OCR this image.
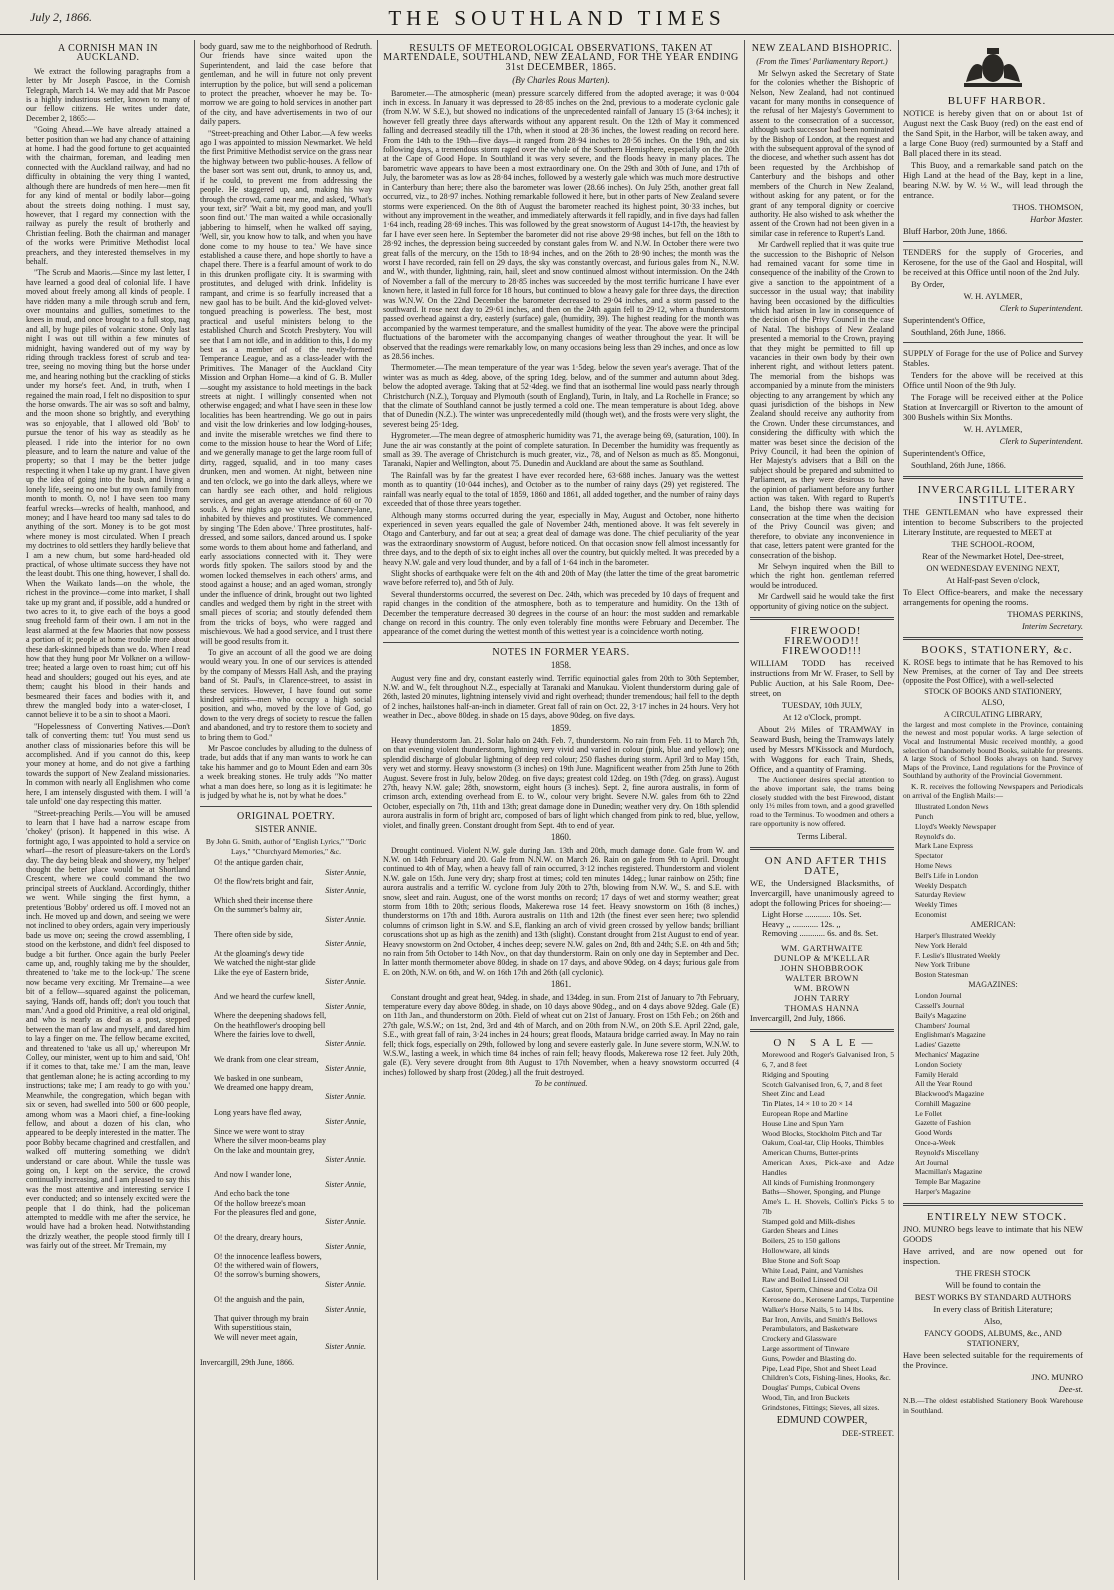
July 2, 1866.	THE SOUTHLAND TIMES
A CORNISH MAN IN AUCKLAND.

We extract the following paragraphs from a letter by Mr Joseph Pascoe, in the Cornish Telegraph, March 14. We may add that Mr Pascoe is a highly industrious settler, known to many of our fellow citizens. He writes under date, December 2, 1865:—

"Going Ahead.—We have already attained a better position than we had any chance of attaining at home. I had the good fortune to get acquainted with the chairman, foreman, and leading men connected with the Auckland railway, and had no difficulty in obtaining the very thing I wanted, although there are hundreds of men here—men fit for any kind of mental or bodily labor—going about the streets doing nothing. I must say, however, that I regard my connection with the railway as purely the result of brotherly and Christian feeling. Both the chairman and manager of the works were Primitive Methodist local preachers, and they interested themselves in my behalf.

"The Scrub and Maoris.—Since my last letter, I have learned a good deal of colonial life. I have moved about freely among all kinds of people. I have ridden many a mile through scrub and fern, over mountains and gullies, sometimes to the knees in mud, and once brought to a full stop, nag and all, by huge piles of volcanic stone. Only last night I was out till within a few minutes of midnight, having wandered out of my way by riding through trackless forest of scrub and tea-tree, seeing no moving thing but the horse under me, and hearing nothing but the crackling of sticks under my horse's feet. And, in truth, when I regained the main road, I felt no disposition to spur the horse onwards. The air was so soft and balmy, and the moon shone so brightly, and everything was so enjoyable, that I allowed old 'Bob' to pursue the tenor of his way as steadily as he pleased. I ride into the interior for no own pleasure, and to learn the nature and value of the property; so that I may be the better judge respecting it when I take up my grant. I have given up the idea of going into the bush, and living a lonely life, seeing no one but my own family from month to month. O, no! I have seen too many fearful wrecks—wrecks of health, manhood, and money; and I have heard too many sad tales to do anything of the sort. Money is to be got most where money is most circulated. When I preach my doctrines to old settlers they hardly believe that I am a new chum, but some hard-headed old practical, of whose ultimate success they have not the least doubt. This one thing, however, I shall do. When the Waikato lands—on the whole, the richest in the province—come into market, I shall take up my grant and, if possible, add a hundred or two acres to it, to give each of the boys a good snug freehold farm of their own. I am not in the least alarmed at the few Maories that now possess a portion of it; people at home trouble more about these dark-skinned bipeds than we do. When I read how that they hung poor Mr Volkner on a willow-tree; heated a large oven to roast him; cut off his head and shoulders; gouged out his eyes, and ate them; caught his blood in their hands and besmeared their faces and bodies with it, and threw the mangled body into a water-closet, I cannot believe it to be a sin to shoot a Maori.

"Hopelessness of Converting Natives.—Don't talk of converting them: tut! You must send us another class of missionaries before this will be accomplished. And if you cannot do this, keep your money at home, and do not give a farthing towards the support of New Zealand missionaries. In common with nearly all Englishmen who come here, I am intensely disgusted with them. I will 'a tale unfold' one day respecting this matter.

"Street-preaching Perils.—You will be amused to learn that I have had a narrow escape from 'chokey' (prison). It happened in this wise. A fortnight ago, I was appointed to hold a service on wharf—the resort of pleasure-takers on the Lord's day. The day being bleak and showery, my 'helper' thought the better place would be at Shortland Crescent, where we could command the two principal streets of Auckland. Accordingly, thither we went. While singing the first hymn, a pretentious 'Bobby' ordered us off. I moved not an inch. He moved up and down, and seeing we were not inclined to obey orders, again very imperiously bade us move on; seeing the crowd assembling, I stood on the kerbstone, and didn't feel disposed to budge a bit further. Once again the burly Peeler came up, and, roughly taking me by the shoulder, threatened to 'take me to the lock-up.' The scene now became very exciting. Mr Tremaine—a wee bit of a fellow—squared against the policeman, saying, 'Hands off, hands off; don't you touch that man.' And a good old Primitive, a real old original, and who is nearly as deaf as a post, stepped between the man of law and myself, and dared him to lay a finger on me. The fellow became excited, and threatened to 'take us all up,' whereupon Mr Colley, our minister, went up to him and said, 'Oh! if it comes to that, take me.' I am the man, leave that gentleman alone; he is acting according to my instructions; take me; I am ready to go with you.' Meanwhile, the congregation, which began with six or seven, had swelled into 500 or 600 people, among whom was a Maori chief, a fine-looking fellow, and about a dozen of his clan, who appeared to be deeply interested in the matter. The poor Bobby became chagrined and crestfallen, and walked off muttering something we didn't understand or care about. While the tussle was going on, I kept on the service, the crowd continually increasing, and I am pleased to say this was the most attentive and interesting service I ever conducted; and so intensely excited were the people that I do think, had the policeman attempted to meddle with me after the service, he would have had a broken head. Notwithstanding the drizzly weather, the people stood firmly till I was fairly out of the street. Mr Tremain, my

body guard, saw me to the neighborhood of Redruth. Our friends have since waited upon the Superintendent, and laid the case before that gentleman, and he will in future not only prevent interruption by the police, but will send a policeman to protect the preacher, whoever he may be. To-morrow we are going to hold services in another part of the city, and have advertisements in two of our daily papers.

"Street-preaching and Other Labor.—A few weeks ago I was appointed to mission Newmarket. We held the first Primitive Methodist service on the grass near the highway between two public-houses. A fellow of the baser sort was sent out, drunk, to annoy us, and, if he could, to prevent me from addressing the people. He staggered up, and, making his way through the crowd, came near me, and asked, 'What's your text, sir?' 'Wait a bit, my good man, and you'll soon find out.' The man waited a while occasionally jabbering to himself, when he walked off saying, 'Well, sir, you know how to talk, and when you have done come to my house to tea.' We have since established a cause there, and hope shortly to have a chapel there. There is a fearful amount of work to do in this drunken profligate city. It is swarming with prostitutes, and deluged with drink. Infidelity is rampant, and crime is so fearfully increased that a new gaol has to be built. And the kid-gloved velvet-tongued preaching is powerless. The best, most practical and useful ministers belong to the established Church and Scotch Presbytery. You will see that I am not idle, and in addition to this, I do my best as a member of of the newly-formed Temperance League, and as a class-leader with the Primitives. The Manager of the Auckland City Mission and Orphan Home—a kind of G. B. Muller—sought my assistance to hold meetings in the back streets at night. I willingly consented when not otherwise engaged; and what I have seen in these low localities has been heartrending. We go out in pairs and visit the low drinkeries and low lodging-houses, and invite the miserable wretches we find there to come to the mission house to hear the Word of Life; and we generally manage to get the large room full of dirty, ragged, squalid, and in too many cases drunken, men and women. At night, between nine and ten o'clock, we go into the dark alleys, where we can hardly see each other, and hold religious services, and get an average attendance of 60 or 70 souls. A few nights ago we visited Chancery-lane, inhabited by thieves and prostitutes. We commenced by singing 'The Eden above.' Three prostitutes, half-dressed, and some sailors, danced around us. I spoke some words to them about home and fatherland, and early associations connected with it. They were words fitly spoken. The sailors stood by and the women locked themselves in each others' arms, and stood against a house; and an aged woman, strongly under the influence of drink, brought out two lighted candles and wedged them by right in the street with small pieces of scoria; and stoutly defended them from the tricks of boys, who were ragged and mischievous. We had a good service, and I trust there will be good results from it.

To give an account of all the good we are doing would weary you. In one of our services is attended by the company of Messrs Hall Ash, and the praying band of St. Paul's, in Clarence-street, to assist in these services. However, I have found out some kindred spirits—men who occupy a high social position, and who, moved by the love of God, go down to the very dregs of society to rescue the fallen and abandoned, and try to restore them to society and to bring them to God."

Mr Pascoe concludes by alluding to the dulness of trade, but adds that if any man wants to work he can take his hammer and go to Mount Eden and earn 30s a week breaking stones. He truly adds "No matter what a man does here, so long as it is legitimate: he is judged by what he is, not by what he does."

ORIGINAL POETRY.
SISTER ANNIE.

By John G. Smith, author of "English Lyrics," "Doric Lays," "Churchyard Memories," &c.

O! the antique garden chair,
Sister Annie,
O! the flow'rets bright and fair,
Sister Annie,
Which shed their incense there
On the summer's balmy air,
Sister Annie.
There often side by side,
Sister Annie,
At the gloaming's dewy tide
We watched the night-star glide
Like the eye of Eastern bride,
Sister Annie.
And we heard the curfew knell,
Sister Annie,
Where the deepening shadows fell,
On the heathflower's drooping bell
Where the fairies love to dwell,
Sister Annie.
We drank from one clear stream,
Sister Annie,
We basked in one sunbeam,
We dreamed one happy dream,
Sister Annie.
Long years have fled away,
Sister Annie,
Since we were wont to stray
Where the silver moon-beams play
On the lake and mountain grey,
Sister Annie.
And now I wander lone,
Sister Annie,
And echo back the tone
Of the hollow breeze's moan
For the pleasures fled and gone,
Sister Annie.
O! the dreary, dreary hours,
Sister Annie,
O! the innocence leafless bowers,
O! the withered wain of flowers,
O! the sorrow's burning showers,
Sister Annie.
O! the anguish and the pain,
Sister Annie,
That quiver through my brain
With superstitious stain,
We will never meet again,
Sister Annie.

Invercargill, 29th June, 1866.

RESULTS OF METEOROLOGICAL OBSERVATIONS, TAKEN AT MARTENDALE, SOUTHLAND, NEW ZEALAND, FOR THE YEAR ENDING 31st DECEMBER, 1865.
(By Charles Rous Marten).

Barometer.—The atmospheric (mean) pressure scarcely differed from the adopted average; it was 0·004 inch in excess. In January it was depressed to 28·85 inches on the 2nd, previous to a moderate cyclonic gale (from N.W. W S.E.), but showed no indications of the unprecedented rainfall of January 15 (3·64 inches); it however fell greatly three days afterwards without any apparent result. On the 12th of May it commenced falling and decreased steadily till the 17th, when it stood at 28·36 inches, the lowest reading on record here. From the 14th to the 19th—five days—it ranged from 28·94 inches to 28·56 inches. On the 19th, and six following days, a tremendous storm raged over the whole of the Southern Hemisphere, especially on the 20th at the Cape of Good Hope. In Southland it was very severe, and the floods heavy in many places. The barometric wave appears to have been a most extraordinary one. On the 29th and 30th of June, and 17th of July, the barometer was as low as 28·84 inches, followed by a westerly gale which was much more destructive in Canterbury than here; there also the barometer was lower (28.66 inches). On July 25th, another great fall occurred, viz., to 28·97 inches. Nothing remarkable followed it here, but in other parts of New Zealand severe storms were experienced. On the 8th of August the barometer reached its highest point, 30·33 inches, but without any improvement in the weather, and immediately afterwards it fell rapidly, and in five days had fallen 1·64 inch, reading 28·69 inches. This was followed by the great snowstorm of August 14-17th, the heaviest by far I have ever seen here. In September the barometer did not rise above 29·98 inches, but fell on the 18th to 28·92 inches, the depression being succeeded by constant gales from W. and N.W. In October there were two great falls of the mercury, on the 15th to 18·94 inches, and on the 26th to 28·90 inches; the month was the worst I have recorded, rain fell on 29 days, the sky was constantly overcast, and furious gales from N., N.W. and W., with thunder, lightning, rain, hail, sleet and snow continued almost without intermission. On the 24th of November a fall of the mercury to 28·85 inches was succeeded by the most terrific hurricane I have ever known here, it lasted in full force for 18 hours, but continued to blow a heavy gale for three days, the direction was W.N.W. On the 22nd December the barometer decreased to 29·04 inches, and a storm passed to the southward. It rose next day to 29·61 inches, and then on the 24th again fell to 29·12, when a thunderstorm passed overhead against a dry, easterly (surface) gale, (humidity, 39). The highest reading for the month was accompanied by the warmest temperature, and the smallest humidity of the year. The above were the principal fluctuations of the barometer with the accompanying changes of weather throughout the year. It will be observed that the readings were remarkably low, on many occasions being less than 29 inches, and once as low as 28.56 inches.

Thermometer.—The mean temperature of the year was 1·5deg. below the seven year's average. That of the winter was as much as 4deg. above, of the spring 1deg. below, and of the summer and autumn about 3deg. below the adopted average. Taking that at 52·4deg. we find that an isothermal line would pass nearly through Christchurch (N.Z.), Torquay and Plymouth (south of England), Turin, in Italy, and La Rochelle in France; so that the climate of Southland cannot be justly termed a cold one. The mean temperature is about 1deg. above that of Dunedin (N.Z.). The winter was unprecedentedly mild (though wet), and the frosts were very slight, the severest being 25·1deg.

Hygrometer.—The mean degree of atmospheric humidity was 71, the average being 69, (saturation, 100). In June the air was constantly at the point of complete saturation. In December the humidity was frequently as small as 39. The average of Christchurch is much greater, viz., 78, and of Nelson as much as 85. Mongonui, Taranaki, Napier and Wellington, about 75. Dunedin and Auckland are about the same as Southland.

The Rainfall was by far the greatest I have ever recorded here, 63·688 inches. January was the wettest month as to quantity (10·044 inches), and October as to the number of rainy days (29) yet registered. The rainfall was nearly equal to the total of 1859, 1860 and 1861, all added together, and the number of rainy days exceeded that of those three years together.

Although many storms occurred during the year, especially in May, August and October, none hitherto experienced in seven years equalled the gale of November 24th, mentioned above. It was felt severely in Otago and Canterbury, and far out at sea; a great deal of damage was done. The chief peculiarity of the year was the extraordinary snowstorm of August, before noticed. On that occasion snow fell almost incessantly for three days, and to the depth of six to eight inches all over the country, but quickly melted. It was preceded by a heavy N.W. gale and very loud thunder, and by a fall of 1·64 inch in the barometer.

Slight shocks of earthquake were felt on the 4th and 20th of May (the latter the time of the great barometric wave before referred to), and 5th of July.

Several thunderstorms occurred, the severest on Dec. 24th, which was preceded by 10 days of frequent and rapid changes in the condition of the atmosphere, both as to temperature and humidity. On the 13th of December the temperature decreased 30 degrees in the course of an hour: the most sudden and remarkable change on record in this country. The only even tolerably fine months were February and December. The appearance of the comet during the wettest month of this wettest year is a coincidence worth noting.

NOTES IN FORMER YEARS.
1858.

August very fine and dry, constant easterly wind. Terrific equinoctial gales from 20th to 30th September, N.W. and W., felt throughout N.Z., especially at Taranaki and Manukau. Violent thunderstorm during gale of 26th, lasted 20 minutes, lightning intensely vivid and right overhead; thunder tremendous; hail fell to the depth of 2 inches, hailstones half-an-inch in diameter. Great fall of rain on Oct. 22, 3·17 inches in 24 hours. Very hot weather in Dec., above 80deg. in shade on 15 days, above 90deg. on five days.

1859.

Heavy thunderstorm Jan. 21. Solar halo on 24th. Feb. 7, thunderstorm. No rain from Feb. 11 to March 7th, on that evening violent thunderstorm, lightning very vivid and varied in colour (pink, blue and yellow); one splendid discharge of globular lightning of deep red colour; 250 flashes during storm. April 3rd to May 15th, very wet and stormy. Heavy snowstorm (3 inches) on 19th June. Magnificent weather from 25th June to 26th August. Severe frost in July, below 20deg. on five days; greatest cold 12deg. on 19th (7deg. on grass). August 27th, heavy N.W. gale; 28th, snowstorm, eight hours (3 inches). Sept. 2, fine aurora australis, in form of crimson arch, extending overhead from E. to W., colour very bright. Severe N.W. gales from 6th to 22nd October, especially on 7th, 11th and 13th; great damage done in Dunedin; weather very dry. On 18th splendid aurora australis in form of bright arc, composed of bars of light which changed from pink to red, blue, yellow, violet, and finally green. Constant drought from Sept. 4th to end of year.

1860.

Drought continued. Violent N.W. gale during Jan. 13th and 20th, much damage done. Gale from W. and N.W. on 14th February and 20. Gale from N.N.W. on March 26. Rain on gale from 9th to April. Drought continued to 4th of May, when a heavy fall of rain occurred, 3·12 inches registered. Thunderstorm and violent N.W. gale on 15th. June very dry; sharp frost at times; cold ten minutes 14deg.; lunar rainbow on 25th; fine aurora australis and a terrific W. cyclone from July 20th to 27th, blowing from N.W. W., S. and S.E. with snow, sleet and rain. August, one of the worst months on record; 17 days of wet and stormy weather; great storm from 18th to 20th; serious floods, Makerewa rose 14 feet. Heavy snowstorm on 16th (8 inches,) thunderstorms on 17th and 18th. Aurora australis on 11th and 12th (the finest ever seen here; two splendid columns of crimson light in S.W. and S.E, flanking an arch of vivid green crossed by yellow bands; brilliant coruscations shot up as high as the zenith) and 13th (slight). Constant drought from 21st August to end of year. Heavy snowstorm on 2nd October, 4 inches deep; severe N.W. gales on 2nd, 8th and 24th; S.E. on 4th and 5th; no rain from 5th October to 14th Nov., on that day thunderstorm. Rain on only one day in September and Dec. In latter month thermometer above 80deg. in shade on 17 days, and above 90deg. on 4 days; furious gale from E. on 20th, N.W. on 6th, and W. on 16th 17th and 26th (all cyclonic).

1861.

Constant drought and great heat, 94deg. in shade, and 134deg. in sun. From 21st of January to 7th February, temperature every day above 80deg. in shade, on 10 days above 90deg., and on 4 days above 92deg. Gale (E) on 11th Jan., and thunderstorm on 20th. Field of wheat cut on 21st of January. Frost on 15th Feb.; on 26th and 27th gale, W.S.W.; on 1st, 2nd, 3rd and 4th of March, and on 20th from N.W., on 20th S.E. April 22nd, gale, S.E., with great fall of rain, 3·24 inches in 24 hours; great floods, Mataura bridge carried away. In May no rain fell; thick fogs, especially on 29th, followed by long and severe easterly gale. In June severe storm, W.N.W. to W.S.W., lasting a week, in which time 84 inches of rain fell; heavy floods, Makerewa rose 12 feet. July 20th, gale (E). Very severe drought from 8th August to 17th November, when a heavy snowstorm occurred (4 inches) followed by sharp frost (20deg.) all the fruit destroyed.

To be continued.

NEW ZEALAND BISHOPRIC.

(From the Times' Parliamentary Report.)

Mr Selwyn asked the Secretary of State for the colonies whether the Bishopric of Nelson, New Zealand, had not continued vacant for many months in consequence of the refusal of her Majesty's Government to assent to the consecration of a successor, although such successor had been nominated by the Bishop of London, at the request and with the subsequent approval of the synod of the diocese, and whether such assent has dot been requested by the Archbishop of Canterbury and the bishops and other members of the Church in New Zealand, without asking for any patent, or for the grant of any temporal dignity or coercive authority. He also wished to ask whether the assent of the Crown had not been given in a similar case in reference to Rupert's Land.

Mr Cardwell replied that it was quite true the succession to the Bishopric of Nelson had remained vacant for some time in consequence of the inability of the Crown to give a sanction to the appointment of a successor in the usual way; that inability having been occasioned by the difficulties which had arisen in law in consequence of the decision of the Privy Council in the case of Natal. The bishops of New Zealand presented a memorial to the Crown, praying that they might be permitted to fill up vacancies in their own body by their own inherent right, and without letters patent. The memorial from the bishops was accompanied by a minute from the ministers objecting to any arrangement by which any quasi jurisdiction of the bishops in New Zealand should receive any authority from the Crown. Under these circumstances, and considering the difficulty with which the matter was beset since the decision of the Privy Council, it had been the opinion of Her Majesty's advisers that a Bill on the subject should be prepared and submitted to Parliament, as they were desirous to have the opinion of parliament before any further action was taken. With regard to Rupert's Land, the bishop there was waiting for consecration at the time when the decision of the Privy Council was given; and therefore, to obviate any inconvenience in that case, letters patent were granted for the consecration of the bishop.

Mr Selwyn inquired when the Bill to which the right hon. gentleman referred would be introduced.

Mr Cardwell said he would take the first opportunity of giving notice on the subject.

FIREWOOD! FIREWOOD!! FIREWOOD!!!

WILLIAM TODD has received instructions from Mr W. Fraser, to Sell by Public Auction, at his Sale Room, Dee-street, on

TUESDAY, 10th JULY,

At 12 o'Clock, prompt.

About 2½ Miles of TRAMWAY in Seaward Bush, being the Tramways lately used by Messrs M'Kissock and Murdoch, with Waggons for each Train, Sheds, Office, and a quantity of Framing.

The Auctioneer desires special attention to the above important sale, the trams being closely studded with the best Firewood, distant only 1½ miles from town, and a good gravelled road to the Terminus. To woodmen and others a rare opportunity is now offered.

Terms Liberal.

ON AND AFTER THIS DATE,

WE, the Undersigned Blacksmiths, of Invercargill, have unanimously agreed to adopt the following Prices for shoeing:—

Light Horse ............ 10s. Set.
Heavy ,, ............ 12s. ,,
Removing ............ 6s. and 8s. Set.
WM. GARTHWAITE
DUNLOP & M'KELLAR
JOHN SHOBBROOK
WALTER BROWN
WM. BROWN
JOHN TARRY
THOMAS HANNA

Invercargill, 2nd July, 1866.

ON SALE—

Morewood and Roger's Galvanised Iron, 5 6, 7, and 8 feet
Ridging and Spouting
Scotch Galvanised Iron, 6, 7, and 8 feet
Sheet Zinc and Lead
Tin Plates, 14 × 10 to 20 × 14
European Rope and Marline
House Line and Spun Yarn
Wood Blocks, Stockholm Pitch and Tar
Oakum, Coal-tar, Clip Hooks, Thimbles
American Churns, Butter-prints
American Axes, Pick-axe and Adze Handles
All kinds of Furnishing Ironmongery
Baths—Shower, Sponging, and Plunge
Ame's L. H. Shovels, Collin's Picks 5 to 7lb
Stamped gold and Milk-dishes
Garden Shears and Lines
Boilers, 25 to 150 gallons
Hollowware, all kinds
Blue Stone and Soft Soap
White Lead, Paint, and Varnishes
Raw and Boiled Linseed Oil
Castor, Sperm, Chinese and Colza Oil
Kerosene do., Kerosene Lamps, Turpentine
Walker's Horse Nails, 5 to 14 lbs.
Bar Iron, Anvils, and Smith's Bellows
Perambulators, and Basketware
Crockery and Glassware
Large assortment of Tinware
Guns, Powder and Blasting do.
Pipe, Lead Pipe, Shot and Sheet Lead
Children's Cots, Fishing-lines, Hooks, &c.
Douglas' Pumps, Cubical Ovens
Wood, Tin, and Iron Buckets
Grindstones, Fittings; Sieves, all sizes.

EDMUND COWPER,

DEE-STREET.

BLUFF HARBOR.

NOTICE is hereby given that on or about 1st of August next the Cask Buoy (red) on the east end of the Sand Spit, in the Harbor, will be taken away, and a large Cone Buoy (red) surmounted by a Staff and Ball placed there in its stead.

This Buoy, and a remarkable sand patch on the High Land at the head of the Bay, kept in a line, bearing N.W. by W. ½ W., will lead through the entrance.

THOS. THOMSON,

Harbor Master.

Bluff Harbor, 20th June, 1866.

TENDERS for the supply of Groceries, and Kerosene, for the use of the Gaol and Hospital, will be received at this Office until noon of the 2nd July.

By Order,

W. H. AYLMER,

Clerk to Superintendent.

Superintendent's Office,

Southland, 26th June, 1866.

SUPPLY of Forage for the use of Police and Survey Stables.

Tenders for the above will be received at this Office until Noon of the 9th July.

The Forage will be received either at the Police Station at Invercargill or Riverton to the amount of 300 Bushels within Six Months.

W. H. AYLMER,

Clerk to Superintendent.

Superintendent's Office,

Southland, 26th June, 1866.

INVERCARGILL LITERARY INSTITUTE.

THE GENTLEMAN who have expressed their intention to become Subscribers to the projected Literary Institute, are requested to MEET at

THE SCHOOL-ROOM,

Rear of the Newmarket Hotel, Dee-street,

ON WEDNESDAY EVENING NEXT,

At Half-past Seven o'clock,

To Elect Office-bearers, and make the necessary arrangements for opening the rooms.

THOMAS PERKINS,

Interim Secretary.

BOOKS, STATIONERY, &c.

K. ROSE begs to intimate that he has Removed to his New Premises, at the corner of Tay and Dee streets (opposite the Post Office), with a well-selected

STOCK OF BOOKS AND STATIONERY,

ALSO,

A CIRCULATING LIBRARY,

the largest and most complete in the Province, containing the newest and most popular works. A large selection of Vocal and Instrumental Music received monthly, a good selection of handsomely bound Books, suitable for presents. A large Stock of School Books always on hand. Survey Maps of the Province, Land regulations for the Province of Southland by authority of the Provincial Government.

K. R. receives the following Newspapers and Periodicals on arrival of the English Mails:—

Illustrated London News
Punch
Lloyd's Weekly Newspaper
Reynold's do.
Mark Lane Express
Spectator
Home News
Bell's Life in London
Weekly Despatch
Saturday Review
Weekly Times
Economist

AMERICAN:

Harper's Illustrated Weekly
New York Herald
F. Leslie's Illustrated Weekly
New York Tribune
Boston Statesman

MAGAZINES:

London Journal
Cassell's Journal
Baily's Magazine
Chambers' Journal
Englishman's Magazine
Ladies' Gazette
Mechanics' Magazine
London Society
Family Herald
All the Year Round
Blackwood's Magazine
Cornhill Magazine
Le Follet
Gazette of Fashion
Good Words
Once-a-Week
Reynold's Miscellany
Art Journal
Macmillan's Magazine
Temple Bar Magazine
Harper's Magazine

ENTIRELY NEW STOCK.

JNO. MUNRO begs leave to intimate that his NEW GOODS

Have arrived, and are now opened out for inspection.

THE FRESH STOCK

Will be found to contain the

BEST WORKS BY STANDARD AUTHORS

In every class of British Literature;

Also,

FANCY GOODS, ALBUMS, &c., AND STATIONERY,

Have been selected suitable for the requirements of the Province.

JNO. MUNRO

Dee-st.

N.B.—The oldest established Stationery Book Warehouse in Southland.
